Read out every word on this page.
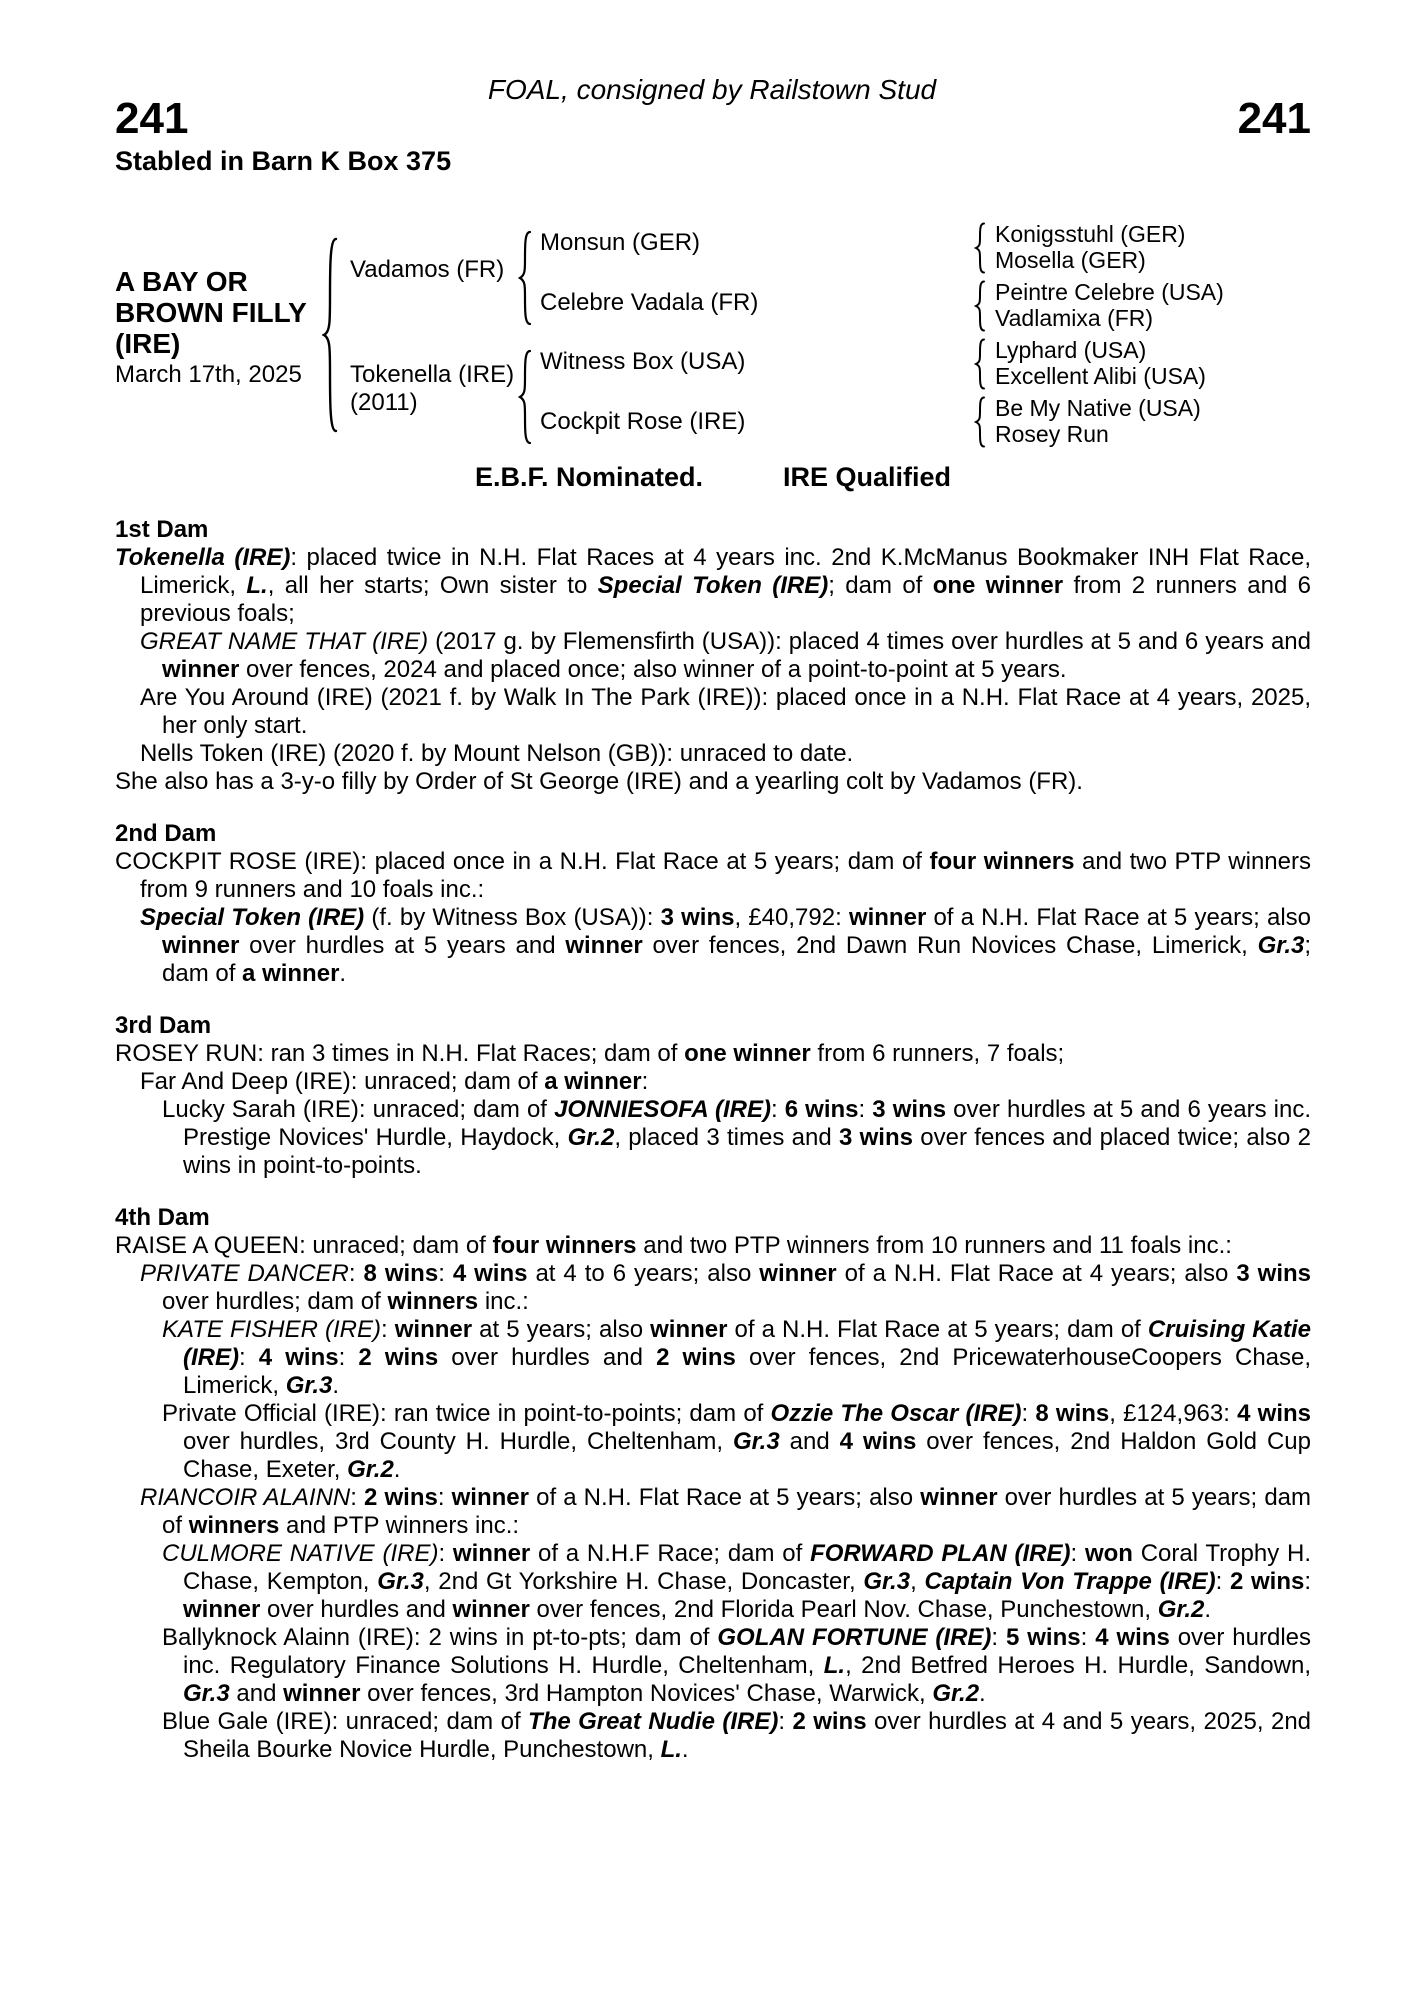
FOAL, consigned by Railstown Stud
241	241
Stabled in Barn K Box 375
A BAY OR
BROWN FILLY
(IRE)
March 17th, 2025
Vadamos (FR)
Tokenella (IRE)
(2011)
Monsun (GER)
Celebre Vadala (FR)
Witness Box (USA)
Cockpit Rose (IRE)
Konigsstuhl (GER)
Mosella (GER)
Peintre Celebre (USA)
Vadlamixa (FR)
Lyphard (USA)
Excellent Alibi (USA)
Be My Native (USA)
Rosey Run
E.B.F. Nominated.	IRE Qualified
1st Dam

Tokenella (IRE): placed twice in N.H. Flat Races at 4 years inc. 2nd K.McManus Bookmaker INH Flat Race, Limerick, L., all her starts; Own sister to Special Token (IRE); dam of one winner from 2 runners and 6 previous foals;

GREAT NAME THAT (IRE) (2017 g. by Flemensfirth (USA)): placed 4 times over hurdles at 5 and 6 years and winner over fences, 2024 and placed once; also winner of a point-to-point at 5 years.

Are You Around (IRE) (2021 f. by Walk In The Park (IRE)): placed once in a N.H. Flat Race at 4 years, 2025, her only start.

Nells Token (IRE) (2020 f. by Mount Nelson (GB)): unraced to date.

She also has a 3-y-o filly by Order of St George (IRE) and a yearling colt by Vadamos (FR).

2nd Dam

COCKPIT ROSE (IRE): placed once in a N.H. Flat Race at 5 years; dam of four winners and two PTP winners from 9 runners and 10 foals inc.:

Special Token (IRE) (f. by Witness Box (USA)): 3 wins, £40,792: winner of a N.H. Flat Race at 5 years; also winner over hurdles at 5 years and winner over fences, 2nd Dawn Run Novices Chase, Limerick, Gr.3; dam of a winner.

3rd Dam

ROSEY RUN: ran 3 times in N.H. Flat Races; dam of one winner from 6 runners, 7 foals;

Far And Deep (IRE): unraced; dam of a winner:

Lucky Sarah (IRE): unraced; dam of JONNIESOFA (IRE): 6 wins: 3 wins over hurdles at 5 and 6 years inc. Prestige Novices' Hurdle, Haydock, Gr.2, placed 3 times and 3 wins over fences and placed twice; also 2 wins in point-to-points.

4th Dam

RAISE A QUEEN: unraced; dam of four winners and two PTP winners from 10 runners and 11 foals inc.:

PRIVATE DANCER: 8 wins: 4 wins at 4 to 6 years; also winner of a N.H. Flat Race at 4 years; also 3 wins over hurdles; dam of winners inc.:

KATE FISHER (IRE): winner at 5 years; also winner of a N.H. Flat Race at 5 years; dam of Cruising Katie (IRE): 4 wins: 2 wins over hurdles and 2 wins over fences, 2nd PricewaterhouseCoopers Chase, Limerick, Gr.3.

Private Official (IRE): ran twice in point-to-points; dam of Ozzie The Oscar (IRE): 8 wins, £124,963: 4 wins over hurdles, 3rd County H. Hurdle, Cheltenham, Gr.3 and 4 wins over fences, 2nd Haldon Gold Cup Chase, Exeter, Gr.2.

RIANCOIR ALAINN: 2 wins: winner of a N.H. Flat Race at 5 years; also winner over hurdles at 5 years; dam of winners and PTP winners inc.:

CULMORE NATIVE (IRE): winner of a N.H.F Race; dam of FORWARD PLAN (IRE): won Coral Trophy H. Chase, Kempton, Gr.3, 2nd Gt Yorkshire H. Chase, Doncaster, Gr.3, Captain Von Trappe (IRE): 2 wins: winner over hurdles and winner over fences, 2nd Florida Pearl Nov. Chase, Punchestown, Gr.2.

Ballyknock Alainn (IRE): 2 wins in pt-to-pts; dam of GOLAN FORTUNE (IRE): 5 wins: 4 wins over hurdles inc. Regulatory Finance Solutions H. Hurdle, Cheltenham, L., 2nd Betfred Heroes H. Hurdle, Sandown, Gr.3 and winner over fences, 3rd Hampton Novices' Chase, Warwick, Gr.2.

Blue Gale (IRE): unraced; dam of The Great Nudie (IRE): 2 wins over hurdles at 4 and 5 years, 2025, 2nd Sheila Bourke Novice Hurdle, Punchestown, L..
